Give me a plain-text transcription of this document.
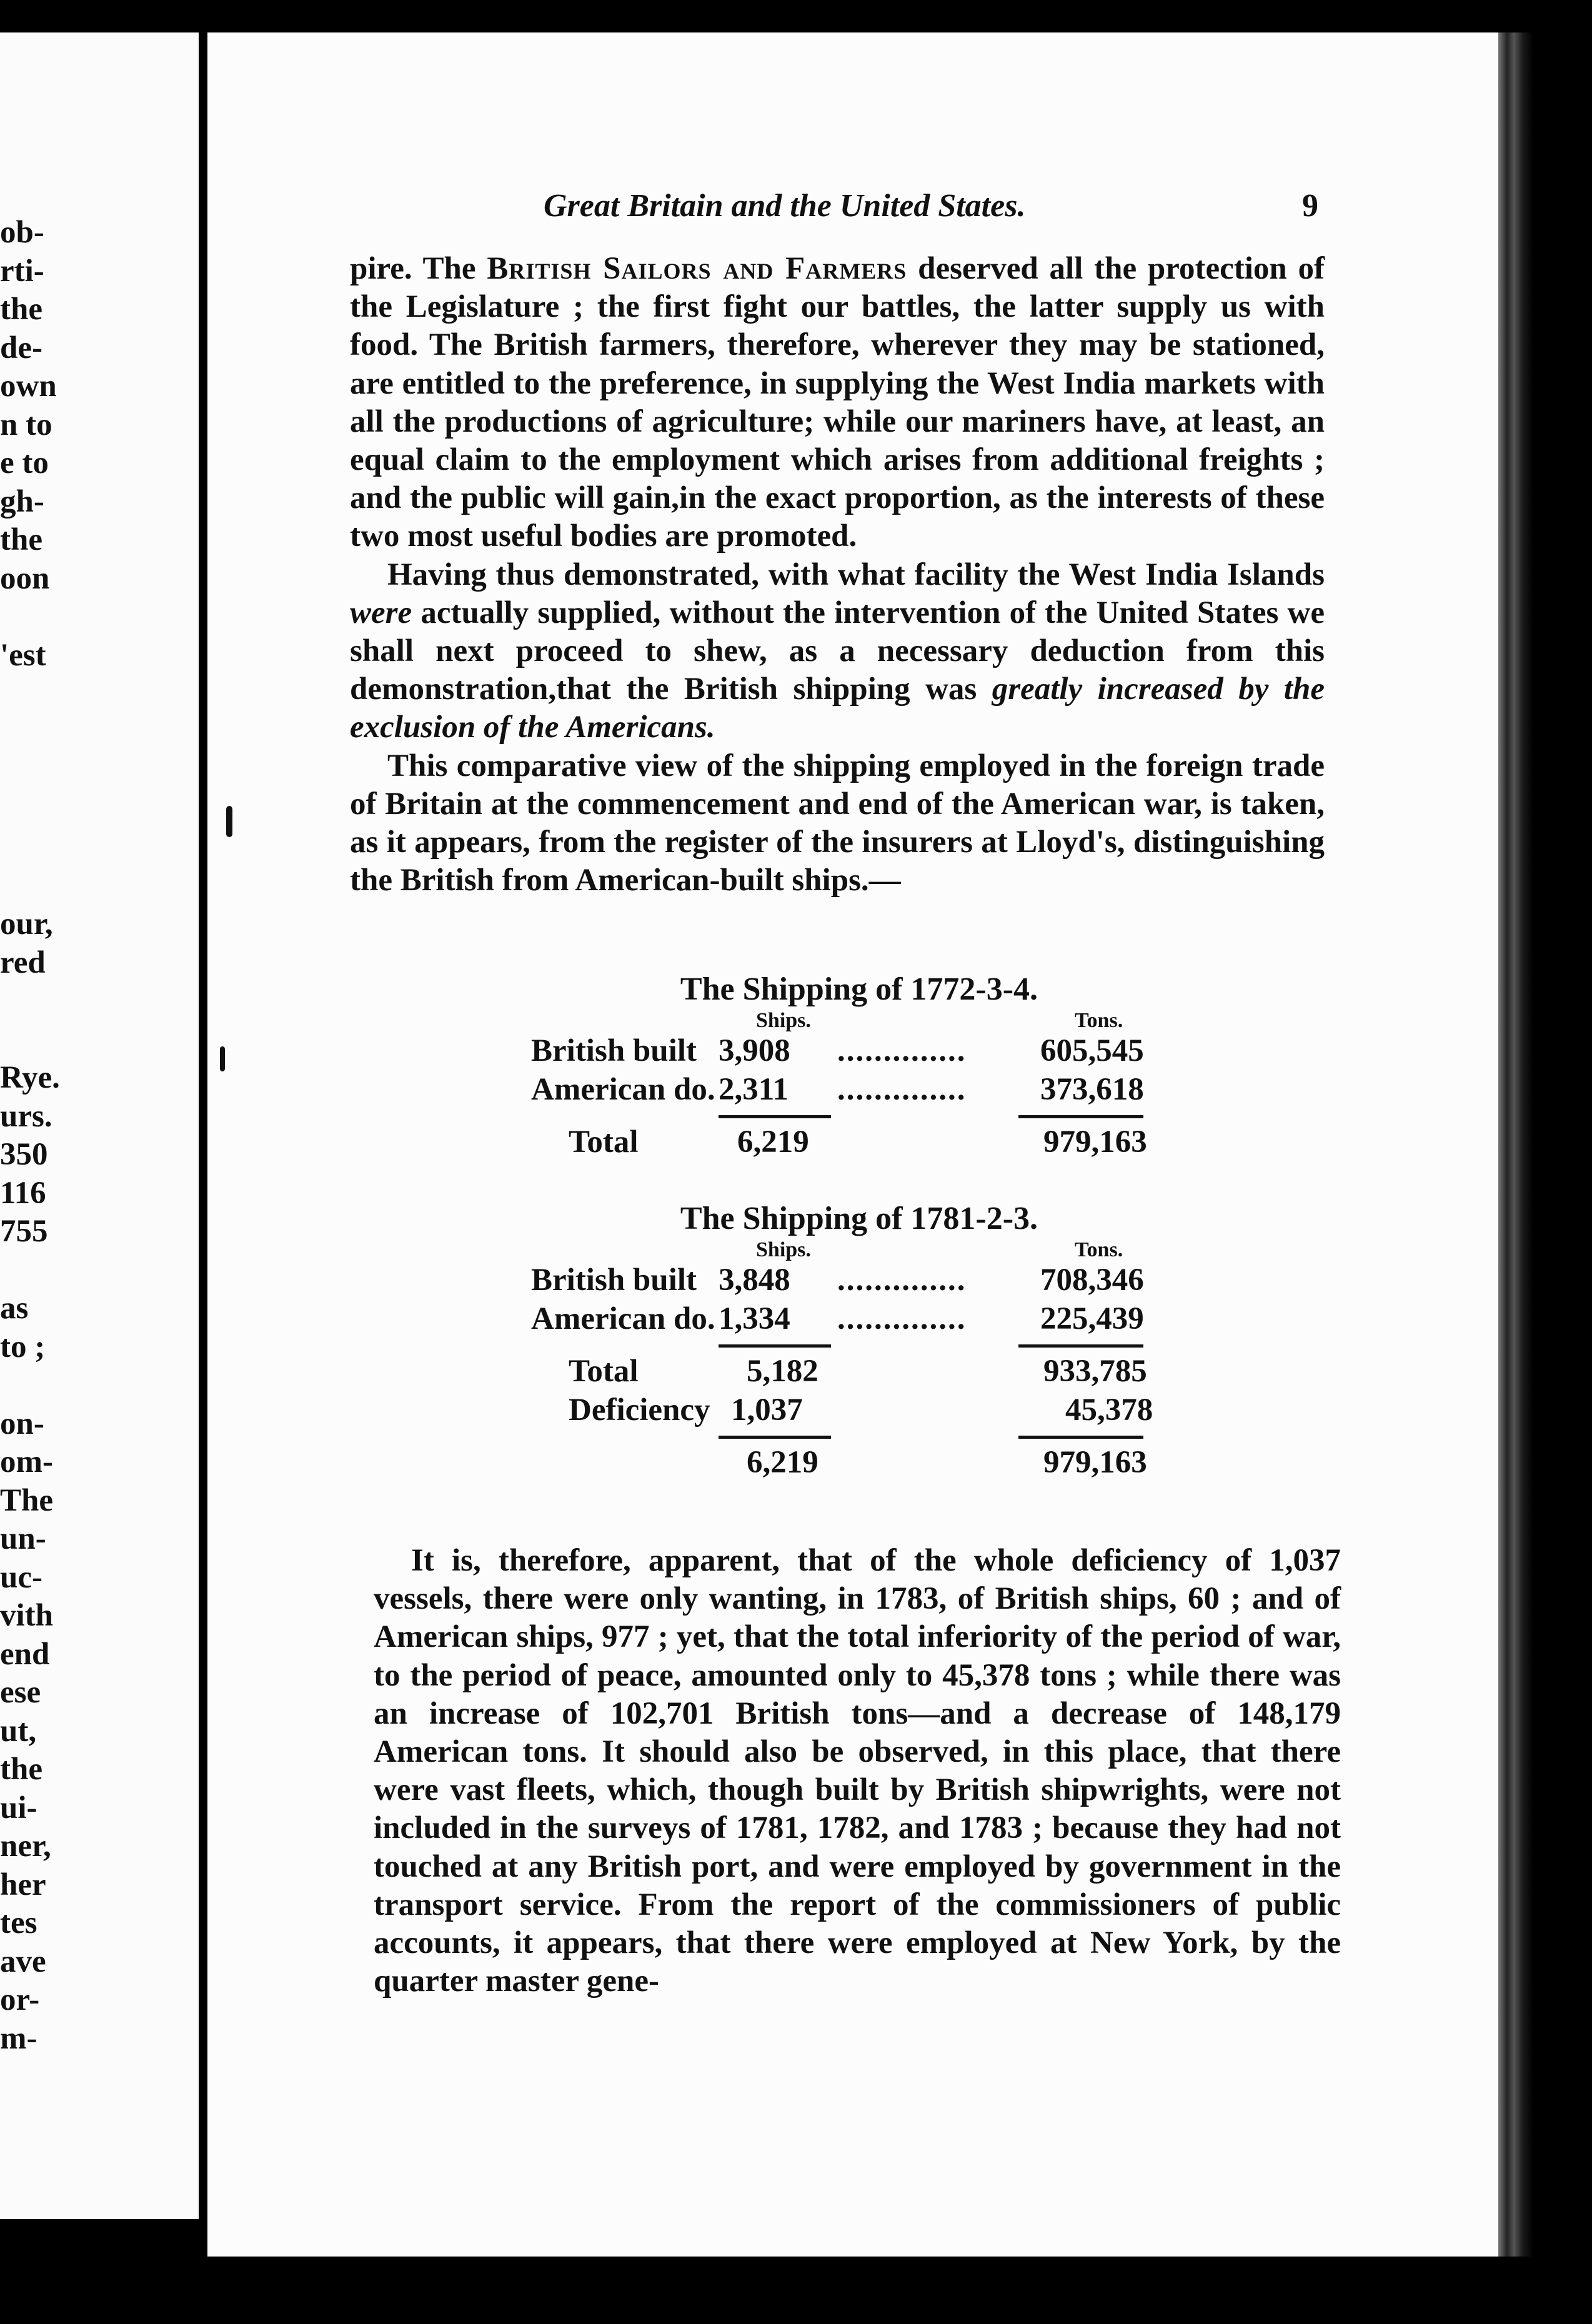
ob-
rti-
the
de-
own
n to
e to
gh-
the
oon

'est

our,
red

Rye.
urs.
350
116
755

as
to ;

on-
om-
The
un-
uc-
vith
end
ese
ut,
the
ui-
ner,
her
tes
ave
or-
m-
Great Britain and the United States.	9

pire. The British Sailors and Farmers deserved all the protection of the Legislature ; the first fight our battles, the latter supply us with food. The British farmers, therefore, wherever they may be stationed, are entitled to the preference, in supplying the West India markets with all the productions of agriculture; while our mariners have, at least, an equal claim to the employment which arises from additional freights ; and the public will gain,in the exact proportion, as the interests of these two most useful bodies are promoted.

Having thus demonstrated, with what facility the West India Islands were actually supplied, without the intervention of the United States we shall next proceed to shew, as a necessary deduction from this demonstration,that the British shipping was greatly increased by the exclusion of the Americans.

This comparative view of the shipping employed in the foreign trade of Britain at the commencement and end of the American war, is taken, as it appears, from the register of the insurers at Lloyd's, distinguishing the British from American-built ships.—

The Shipping of 1772-3-4.
Ships.	Tons.
British built 3,908 .............. 605,545
American do. 2,311 .............. 373,618
Total	6,219	979,163
The Shipping of 1781-2-3.
Ships.	Tons.
British built 3,848 .............. 708,346
American do. 1,334 .............. 225,439
Total	5,182	933,785
Deficiency 1,037	45,378
6,219	979,163

It is, therefore, apparent, that of the whole deficiency of 1,037 vessels, there were only wanting, in 1783, of British ships, 60 ; and of American ships, 977 ; yet, that the total inferiority of the period of war, to the period of peace, amounted only to 45,378 tons ; while there was an increase of 102,701 British tons—and a decrease of 148,179 American tons. It should also be observed, in this place, that there were vast fleets, which, though built by British shipwrights, were not included in the surveys of 1781, 1782, and 1783 ; because they had not touched at any British port, and were employed by government in the transport service. From the report of the commissioners of public accounts, it appears, that there were employed at New York, by the quarter master gene-
